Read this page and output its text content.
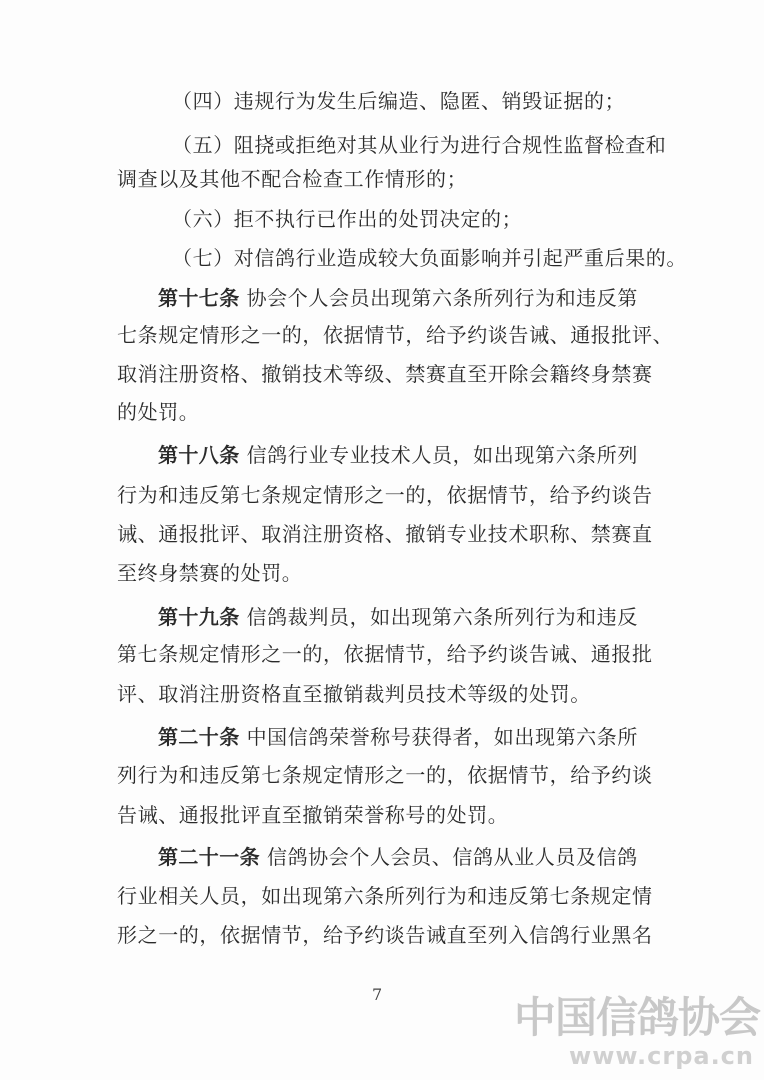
（四）违规行为发生后编造、隐匿、销毁证据的；
（五）阻挠或拒绝对其从业行为进行合规性监督检查和
调查以及其他不配合检查工作情形的；
（六）拒不执行已作出的处罚决定的；
（七）对信鸽行业造成较大负面影响并引起严重后果的。
第十七条 协会个人会员出现第六条所列行为和违反第
七条规定情形之一的，依据情节，给予约谈告诫、通报批评、
取消注册资格、撤销技术等级、禁赛直至开除会籍终身禁赛
的处罚。
第十八条 信鸽行业专业技术人员，如出现第六条所列
行为和违反第七条规定情形之一的，依据情节，给予约谈告
诫、通报批评、取消注册资格、撤销专业技术职称、禁赛直
至终身禁赛的处罚。
第十九条 信鸽裁判员，如出现第六条所列行为和违反
第七条规定情形之一的，依据情节，给予约谈告诫、通报批
评、取消注册资格直至撤销裁判员技术等级的处罚。
第二十条 中国信鸽荣誉称号获得者，如出现第六条所
列行为和违反第七条规定情形之一的，依据情节，给予约谈
告诫、通报批评直至撤销荣誉称号的处罚。
第二十一条 信鸽协会个人会员、信鸽从业人员及信鸽
行业相关人员，如出现第六条所列行为和违反第七条规定情
形之一的，依据情节，给予约谈告诫直至列入信鸽行业黑名
7	中国信鸽协会
www.crpa.cn
